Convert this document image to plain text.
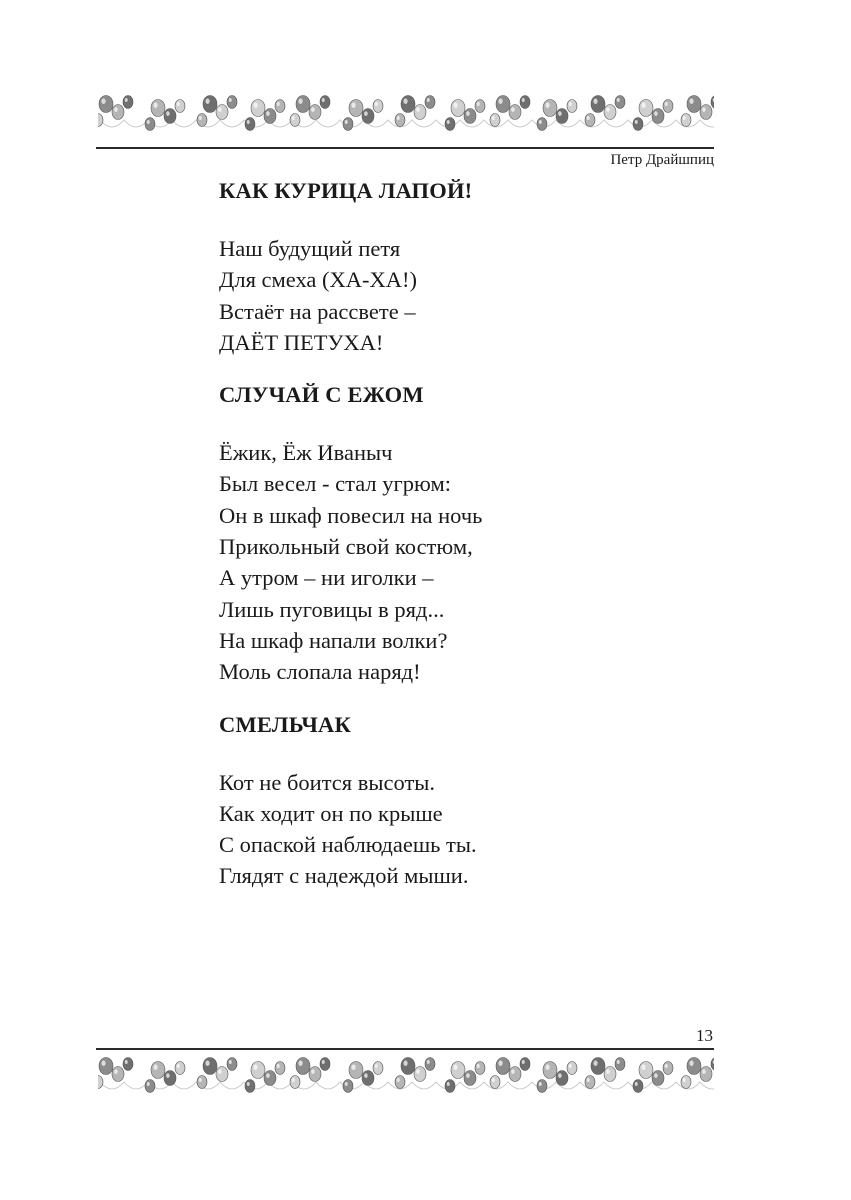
Петр Драйшпиц
КАК КУРИЦА ЛАПОЙ!
Наш будущий петя
Для смеха (ХА-ХА!)
Встаёт на рассвете –
ДАЁТ ПЕТУХА!
СЛУЧАЙ С ЕЖОМ
Ёжик, Ёж Иваныч
Был весел - стал угрюм:
Он в шкаф повесил на ночь
Прикольный свой костюм,
А утром – ни иголки –
Лишь пуговицы в ряд...
На шкаф напали волки?
Моль слопала наряд!
СМЕЛЬЧАК
Кот не боится высоты.
Как ходит он по крыше
С опаской наблюдаешь ты.
Глядят с надеждой мыши.
13
